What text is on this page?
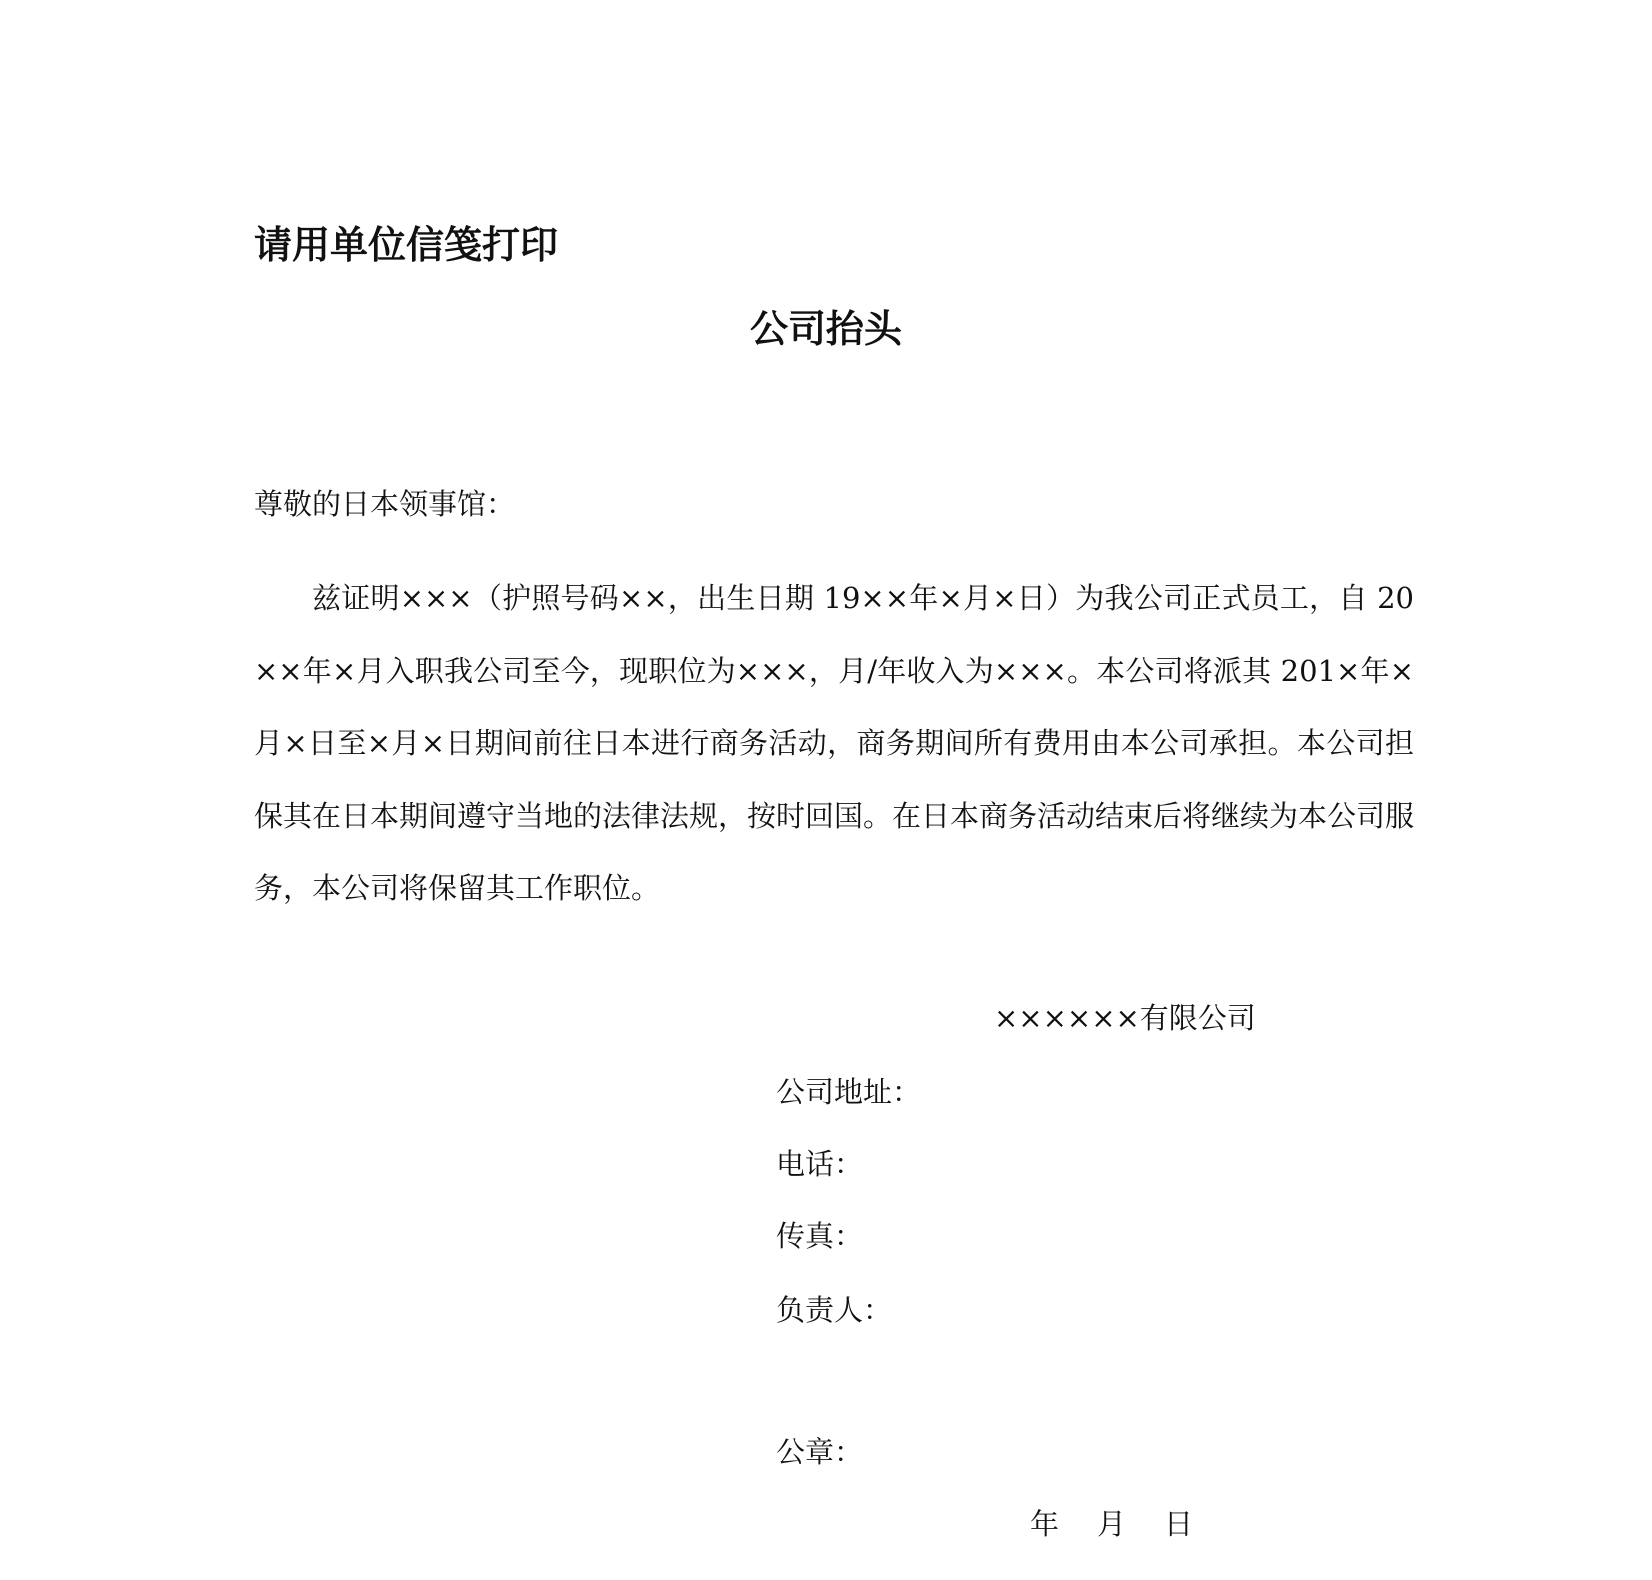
请用单位信笺打印
公司抬头
尊敬的日本领事馆：
兹证明×××（护照号码××，出生日期 19××年×月×日）为我公司正式员工，自 20××年×月入职我公司至今，现职位为×××，月/年收入为×××。本公司将派其 201×年×月×日至×月×日期间前往日本进行商务活动，商务期间所有费用由本公司承担。本公司担保其在日本期间遵守当地的法律法规，按时回国。在日本商务活动结束后将继续为本公司服务，本公司将保留其工作职位。
××××××有限公司
公司地址：
电话：
传真：
负责人：
公章：
年 月 日
